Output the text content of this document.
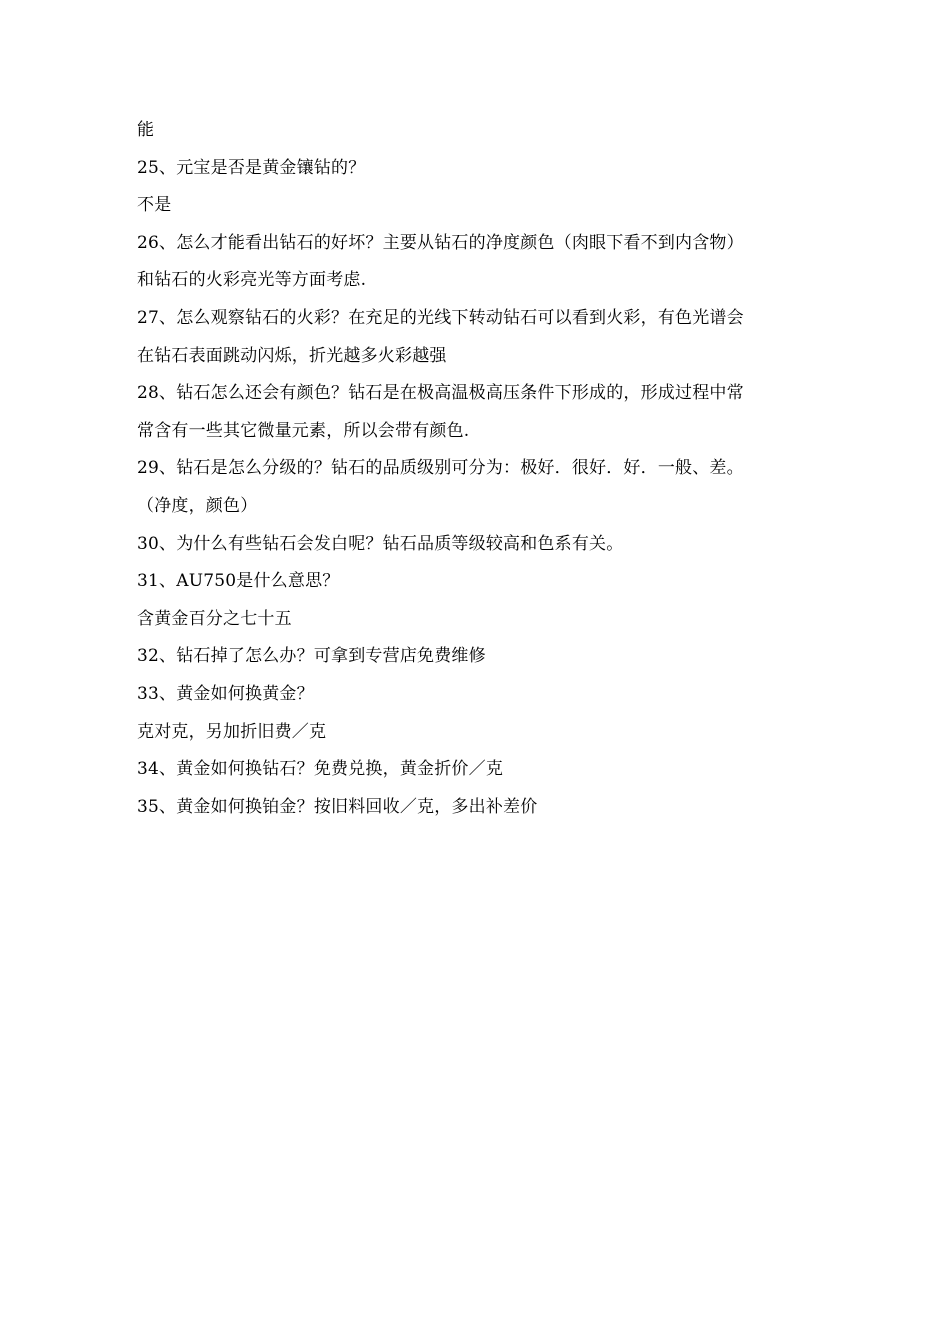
能
25、元宝是否是黄金镶钻的？
不是
26、怎么才能看出钻石的好坏？主要从钻石的净度颜色（肉眼下看不到内含物）
和钻石的火彩亮光等方面考虑.
27、怎么观察钻石的火彩？在充足的光线下转动钻石可以看到火彩，有色光谱会
在钻石表面跳动闪烁，折光越多火彩越强
28、钻石怎么还会有颜色？钻石是在极高温极高压条件下形成的，形成过程中常
常含有一些其它微量元素，所以会带有颜色.
29、钻石是怎么分级的？钻石的品质级别可分为：极好．很好．好．一般、差。
（净度，颜色）
30、为什么有些钻石会发白呢？钻石品质等级较高和色系有关。
31、AU750是什么意思？
含黄金百分之七十五
32、钻石掉了怎么办？可拿到专营店免费维修
33、黄金如何换黄金？
克对克，另加折旧费／克
34、黄金如何换钻石？免费兑换，黄金折价／克
35、黄金如何换铂金？按旧料回收／克，多出补差价
